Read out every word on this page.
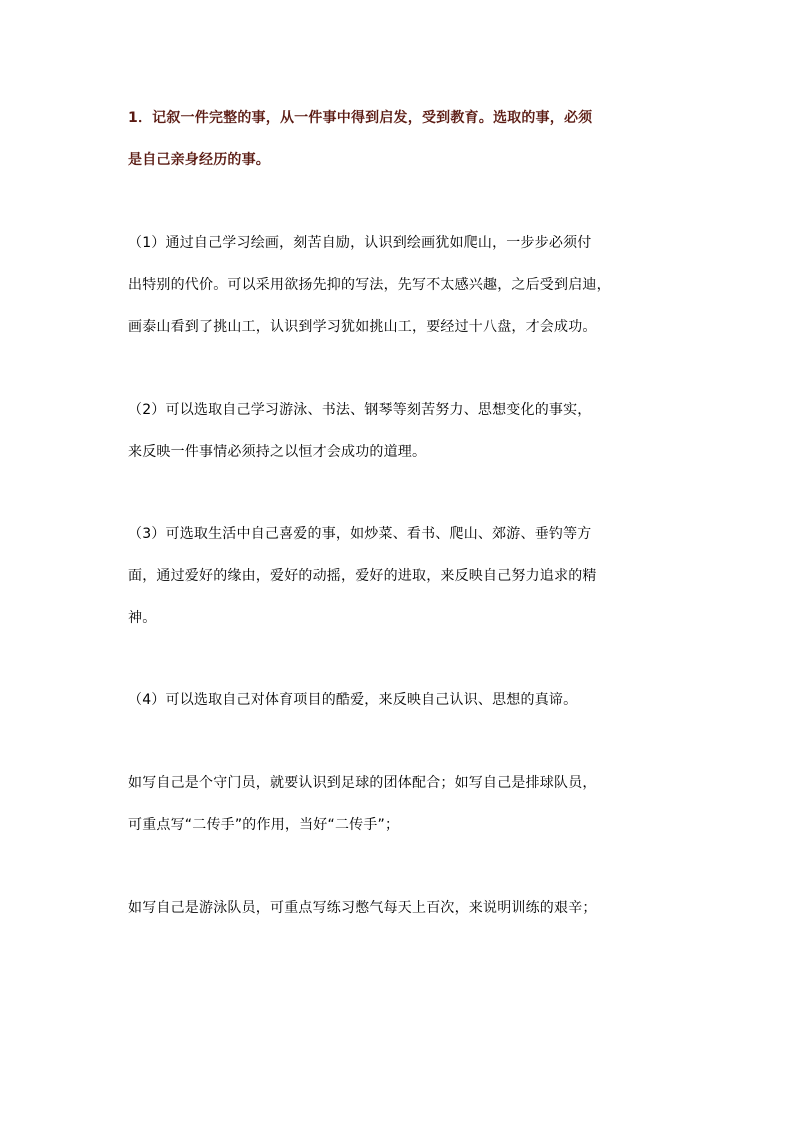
1．记叙一件完整的事，从一件事中得到启发，受到教育。选取的事，必须
是自己亲身经历的事。
（1）通过自己学习绘画，刻苦自励，认识到绘画犹如爬山，一步步必须付
出特别的代价。可以采用欲扬先抑的写法，先写不太感兴趣，之后受到启迪，
画泰山看到了挑山工，认识到学习犹如挑山工，要经过十八盘，才会成功。
（2）可以选取自己学习游泳、书法、钢琴等刻苦努力、思想变化的事实，
来反映一件事情必须持之以恒才会成功的道理。
（3）可选取生活中自己喜爱的事，如炒菜、看书、爬山、郊游、垂钓等方
面，通过爱好的缘由，爱好的动摇，爱好的进取，来反映自己努力追求的精
神。
（4）可以选取自己对体育项目的酷爱，来反映自己认识、思想的真谛。
如写自己是个守门员，就要认识到足球的团体配合；如写自己是排球队员，
可重点写“二传手”的作用，当好“二传手”；
如写自己是游泳队员，可重点写练习憋气每天上百次，来说明训练的艰辛；
